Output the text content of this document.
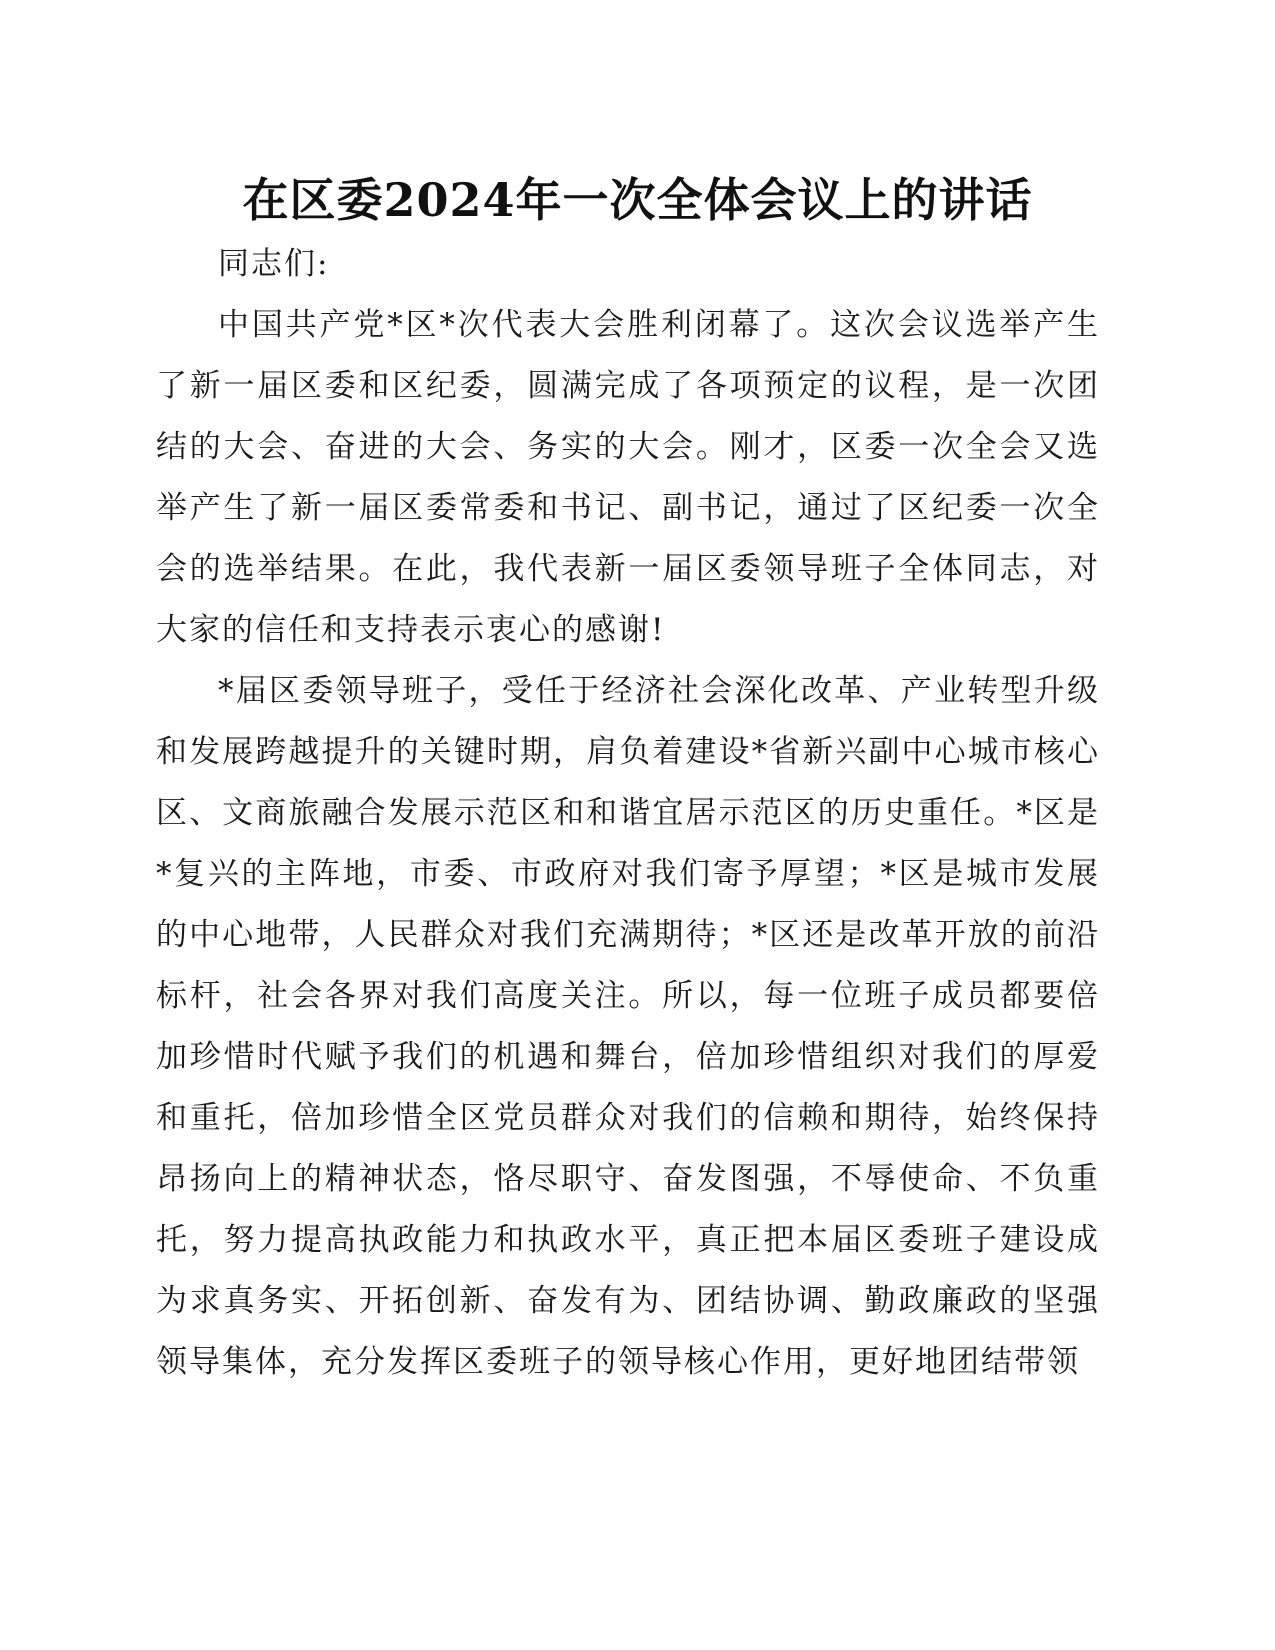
在区委2024年一次全体会议上的讲话

同志们:

中国共产党*区*次代表大会胜利闭幕了。这次会议选举产生了新一届区委和区纪委，圆满完成了各项预定的议程，是一次团结的大会、奋进的大会、务实的大会。刚才，区委一次全会又选举产生了新一届区委常委和书记、副书记，通过了区纪委一次全会的选举结果。在此，我代表新一届区委领导班子全体同志，对大家的信任和支持表示衷心的感谢!

*届区委领导班子，受任于经济社会深化改革、产业转型升级和发展跨越提升的关键时期，肩负着建设*省新兴副中心城市核心区、文商旅融合发展示范区和和谐宜居示范区的历史重任。*区是*复兴的主阵地，市委、市政府对我们寄予厚望；*区是城市发展的中心地带，人民群众对我们充满期待；*区还是改革开放的前沿标杆，社会各界对我们高度关注。所以，每一位班子成员都要倍加珍惜时代赋予我们的机遇和舞台，倍加珍惜组织对我们的厚爱和重托，倍加珍惜全区党员群众对我们的信赖和期待，始终保持昂扬向上的精神状态，恪尽职守、奋发图强，不辱使命、不负重托，努力提高执政能力和执政水平，真正把本届区委班子建设成为求真务实、开拓创新、奋发有为、团结协调、勤政廉政的坚强领导集体，充分发挥区委班子的领导核心作用，更好地团结带领
